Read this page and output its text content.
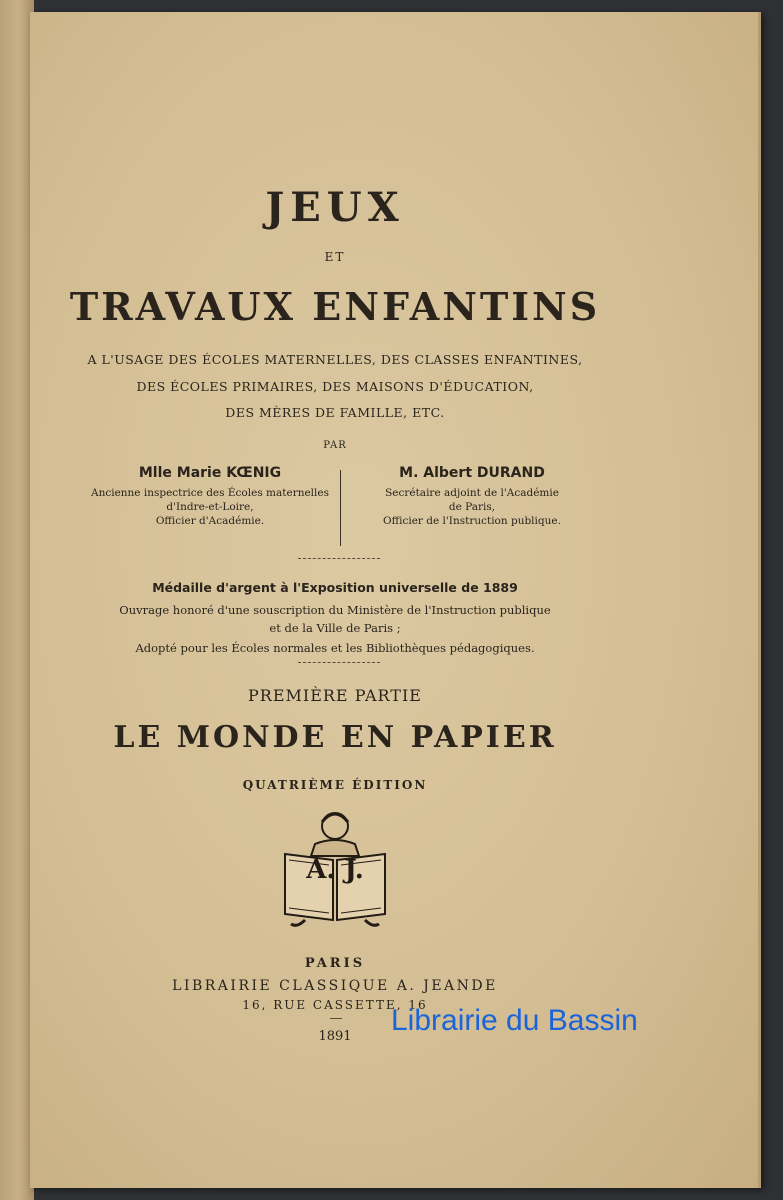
JEUX
ET
TRAVAUX ENFANTINS
A L'USAGE DES ÉCOLES MATERNELLES, DES CLASSES ENFANTINES,
DES ÉCOLES PRIMAIRES, DES MAISONS D'ÉDUCATION,
DES MÈRES DE FAMILLE, ETC.
PAR
Mlle Marie KŒNIG
Ancienne inspectrice des Écoles maternelles
d'Indre-et-Loire,
Officier d'Académie.
M. Albert DURAND
Secrétaire adjoint de l'Académie
de Paris,
Officier de l'Instruction publique.
Médaille d'argent à l'Exposition universelle de 1889
Ouvrage honoré d'une souscription du Ministère de l'Instruction publique
et de la Ville de Paris ;
Adopté pour les Écoles normales et les Bibliothèques pédagogiques.
PREMIÈRE PARTIE
LE MONDE EN PAPIER
QUATRIÈME ÉDITION
A. J.
PARIS
LIBRAIRIE CLASSIQUE A. JEANDE
16, RUE CASSETTE, 16
1891	Librairie du Bassin
